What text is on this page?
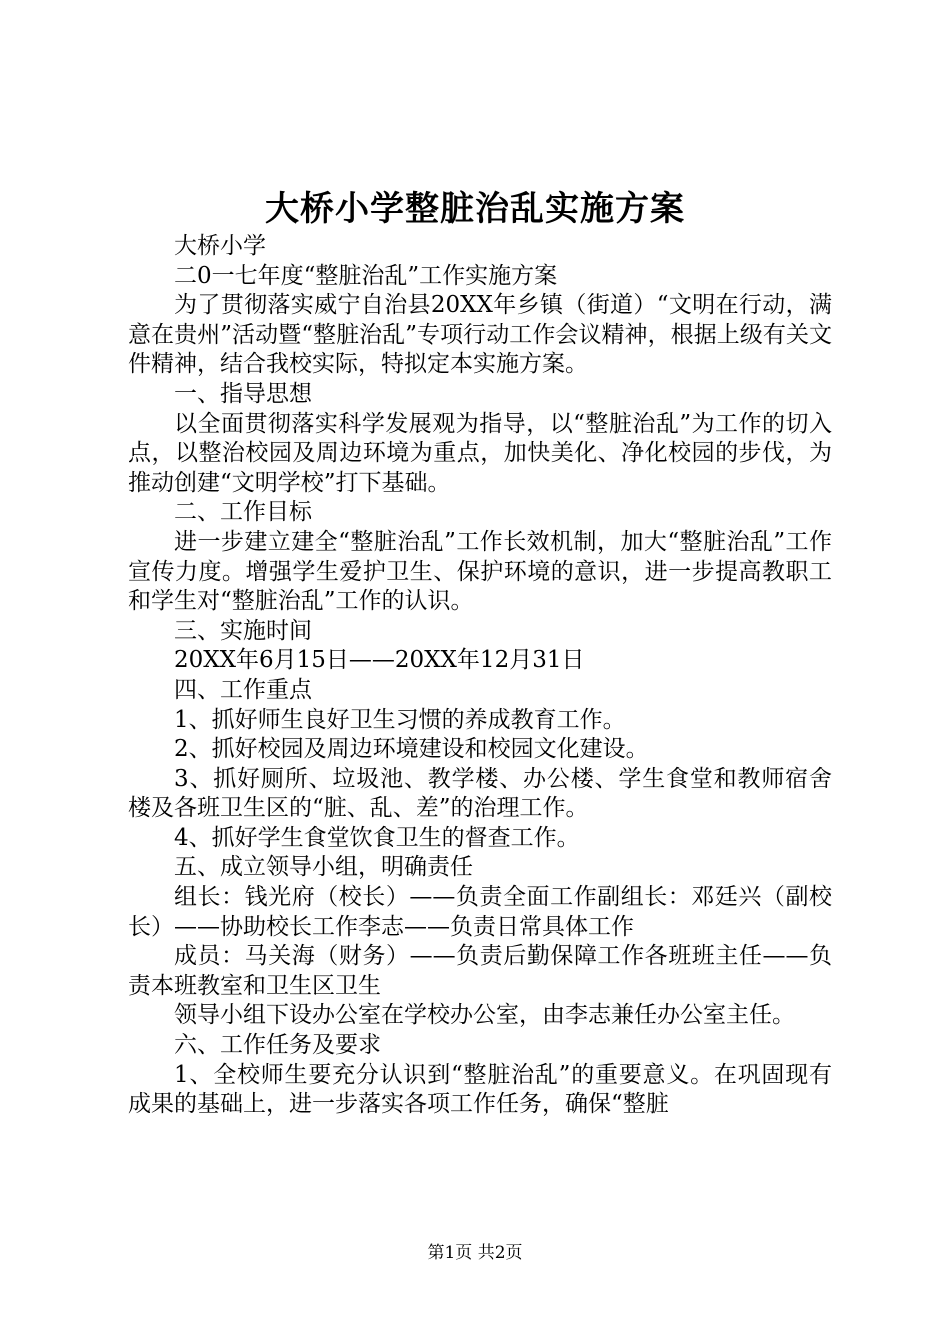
大桥小学整脏治乱实施方案

大桥小学

二0一七年度“整脏治乱”工作实施方案

为了贯彻落实威宁自治县20XX年乡镇（街道）“文明在行动，满意在贵州”活动暨“整脏治乱”专项行动工作会议精神，根据上级有关文件精神，结合我校实际，特拟定本实施方案。

一、指导思想

以全面贯彻落实科学发展观为指导，以“整脏治乱”为工作的切入点，以整治校园及周边环境为重点，加快美化、净化校园的步伐，为推动创建“文明学校”打下基础。

二、工作目标

进一步建立建全“整脏治乱”工作长效机制，加大“整脏治乱”工作宣传力度。增强学生爱护卫生、保护环境的意识，进一步提高教职工和学生对“整脏治乱”工作的认识。

三、实施时间

20XX年6月15日——20XX年12月31日

四、工作重点

1、抓好师生良好卫生习惯的养成教育工作。

2、抓好校园及周边环境建设和校园文化建设。

3、抓好厕所、垃圾池、教学楼、办公楼、学生食堂和教师宿舍楼及各班卫生区的“脏、乱、差”的治理工作。

4、抓好学生食堂饮食卫生的督查工作。

五、成立领导小组，明确责任

组长：钱光府（校长）——负责全面工作副组长：邓廷兴（副校长）——协助校长工作李志——负责日常具体工作

成员：马关海（财务）——负责后勤保障工作各班班主任——负责本班教室和卫生区卫生

领导小组下设办公室在学校办公室，由李志兼任办公室主任。

六、工作任务及要求

1、全校师生要充分认识到“整脏治乱”的重要意义。在巩固现有成果的基础上，进一步落实各项工作任务，确保“整脏

第1页 共2页
